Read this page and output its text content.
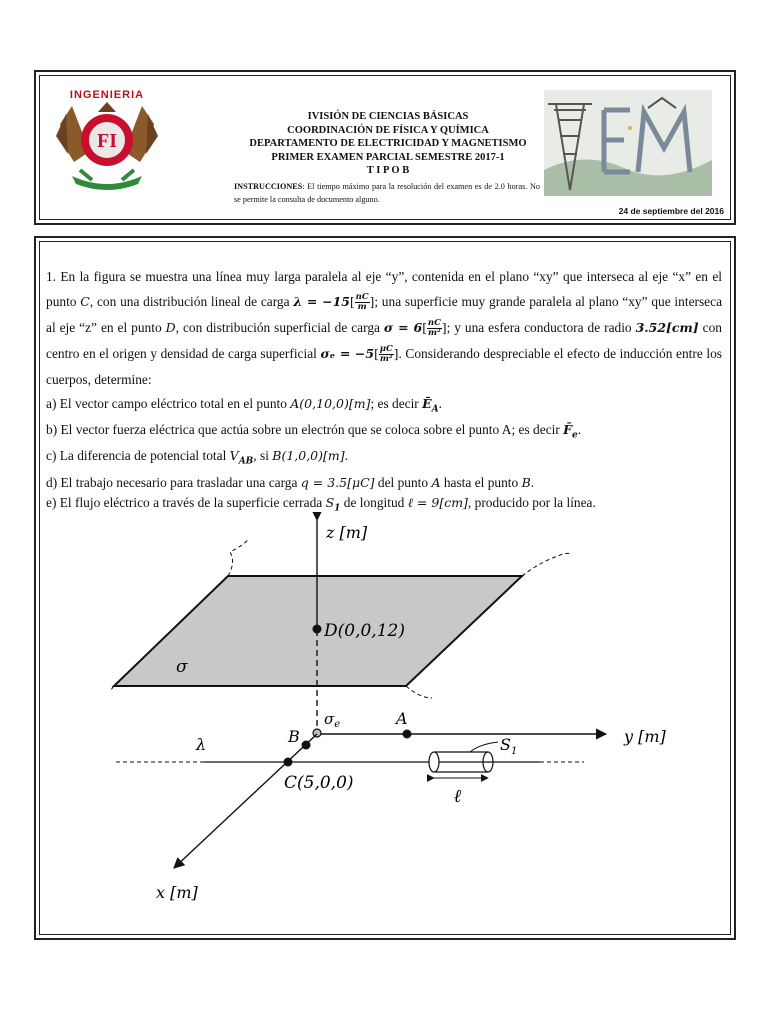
INGENIERIA
FI
IVISIÓN DE CIENCIAS BÁSICAS
COORDINACIÓN DE FÍSICA Y QUÍMICA
DEPARTAMENTO DE ELECTRICIDAD Y MAGNETISMO
PRIMER EXAMEN PARCIAL SEMESTRE 2017-1
T I P O B
INSTRUCCIONES: El tiempo máximo para la resolución del examen es de 2.0 horas. No se permite la consulta de documento alguno.
24 de septiembre del 2016

1. En la figura se muestra una línea muy larga paralela al eje “y”, contenida en el plano “xy” que interseca al eje “x” en el punto C, con una distribución lineal de carga $\lambda = -15[ \frac{nC}{m}$ ]; una superficie muy grande paralela al plano “xy” que interseca al eje “z” en el punto D, con distribución superficial de carga $\sigma = 6[ \frac{nC}{\text{m²}}$ ]; y una esfera conductora de radio 3.52[cm] con centro en el origen y densidad de carga superficial $\sigma_e = -5[ \frac{\mu C}{\text{m²}}$ ]. Considerando despreciable el efecto de inducción entre los cuerpos, determine:

a) El vector campo eléctrico total en el punto A(0,10,0)[m]; es decir $Ē_A$.
b) El vector fuerza eléctrica que actúa sobre un electrón que se coloca sobre el punto A; es decir $F̄_e$.
c) La diferencia de potencial total $V_{AB}$, si B(1,0,0)[m].
d) El trabajo necesario para trasladar una carga q = 3.5[μC] del punto A hasta el punto B.
e) El flujo eléctrico a través de la superficie cerrada $S_1$ de longitud ℓ = 9[cm], producido por la línea.
σ
z [m]
D(0,0,12)
y [m]
A
$\sigma_e$
x [m]
B
λ
C(5,0,0)
$S_1$
ℓ
